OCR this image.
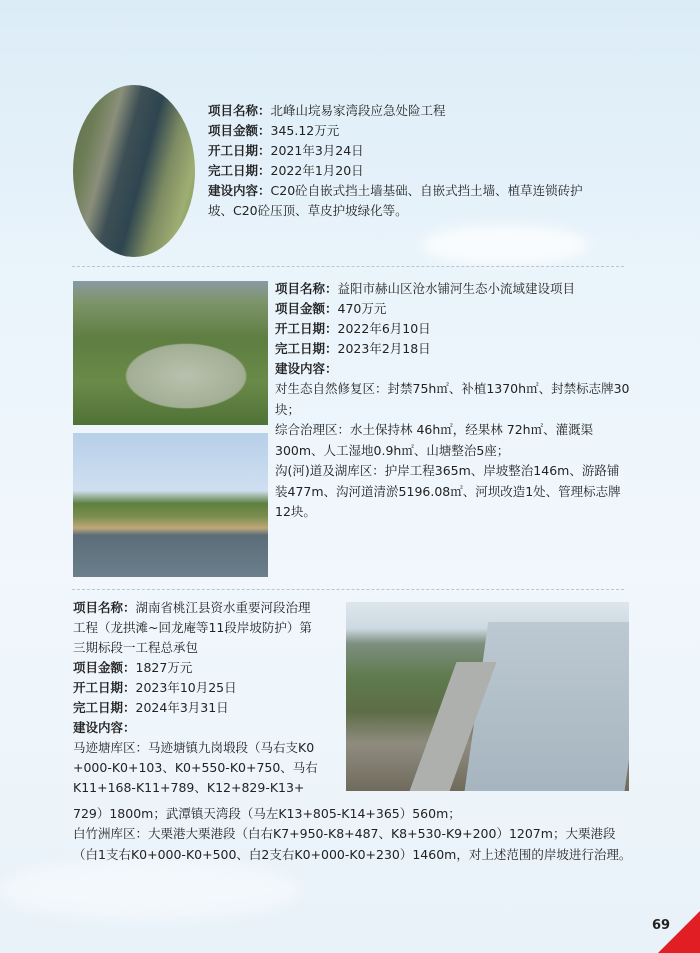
项目名称：北峰山垸易家湾段应急处险工程
项目金额：345.12万元
开工日期：2021年3月24日
完工日期：2022年1月20日
建设内容：C20砼自嵌式挡土墙基础、自嵌式挡土墙、植草连锁砖护
坡、C20砼压顶、草皮护坡绿化等。
项目名称：益阳市赫山区沧水铺河生态小流域建设项目
项目金额：470万元
开工日期：2022年6月10日
完工日期：2023年2月18日
建设内容：
对生态自然修复区：封禁75h㎡、补植1370h㎡、封禁标志牌30块；
综合治理区：水土保持林 46h㎡，经果林 72h㎡、灌溉渠300m、人工湿地0.9h㎡、山塘整治5座；
沟(河)道及湖库区：护岸工程365m、岸坡整治146m、游路铺装477m、沟河道清淤5196.08㎡、河坝改造1处、管理标志牌12块。
项目名称：湖南省桃江县资水重要河段治理
工程（龙拱滩~回龙庵等11段岸坡防护）第
三期标段一工程总承包
项目金额：1827万元
开工日期：2023年10月25日
完工日期：2024年3月31日
建设内容：
马迹塘库区：马迹塘镇九岗塅段（马右支K0
+000-K0+103、K0+550-K0+750、马右
K11+168-K11+789、K12+829-K13+
729）1800m；武潭镇天湾段（马左K13+805-K14+365）560m；
白竹洲库区：大栗港大栗港段（白右K7+950-K8+487、K8+530-K9+200）1207m；大栗港段（白1支右K0+000-K0+500、白2支右K0+000-K0+230）1460m，对上述范围的岸坡进行治理。
69
